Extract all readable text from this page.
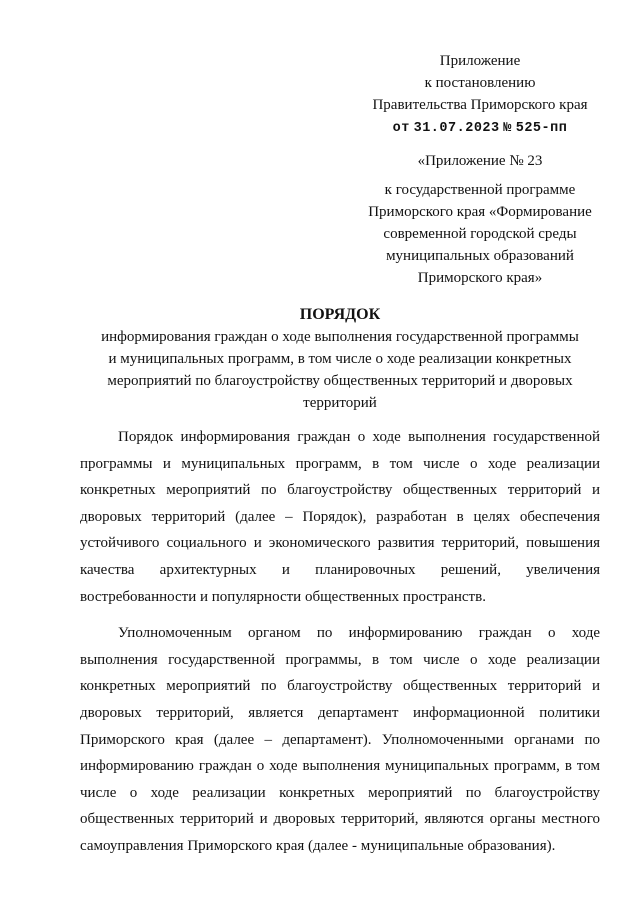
Приложение
к постановлению
Правительства Приморского края
от 31.07.2023 № 525-пп
«Приложение № 23
к государственной программе
Приморского края «Формирование
современной городской среды
муниципальных образований
Приморского края»
ПОРЯДОК
информирования граждан о ходе выполнения государственной программы
и муниципальных программ, в том числе о ходе реализации конкретных
мероприятий по благоустройству общественных территорий и дворовых
территорий

Порядок информирования граждан о ходе выполнения государственной программы и муниципальных программ, в том числе о ходе реализации конкретных мероприятий по благоустройству общественных территорий и дворовых территорий (далее – Порядок), разработан в целях обеспечения устойчивого социального и экономического развития территорий, повышения качества архитектурных и планировочных решений, увеличения востребованности и популярности общественных пространств.

Уполномоченным органом по информированию граждан о ходе выполнения государственной программы, в том числе о ходе реализации конкретных мероприятий по благоустройству общественных территорий и дворовых территорий, является департамент информационной политики Приморского края (далее – департамент). Уполномоченными органами по информированию граждан о ходе выполнения муниципальных программ, в том числе о ходе реализации конкретных мероприятий по благоустройству общественных территорий и дворовых территорий, являются органы местного самоуправления Приморского края (далее - муниципальные образования).
